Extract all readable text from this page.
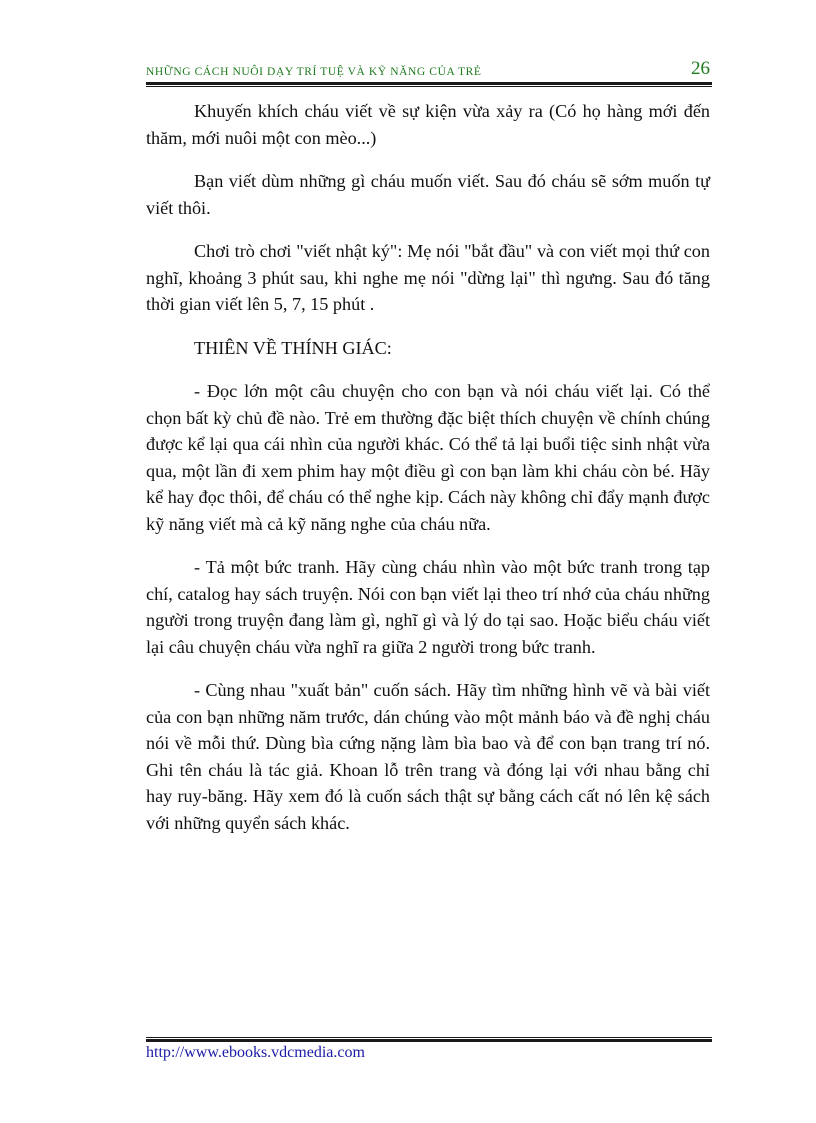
NHỮNG CÁCH NUÔI DẠY TRÍ TUỆ VÀ KỸ NĂNG CỦA TRẺ	26

Khuyến khích cháu viết về sự kiện vừa xảy ra (Có họ hàng mới đến thăm, mới nuôi một con mèo...)

Bạn viết dùm những gì cháu muốn viết. Sau đó cháu sẽ sớm muốn tự viết thôi.

Chơi trò chơi "viết nhật ký": Mẹ nói "bắt đầu" và con viết mọi thứ con nghĩ, khoảng 3 phút sau, khi nghe mẹ nói "dừng lại" thì ngưng. Sau đó tăng thời gian viết lên 5, 7, 15 phút .

THIÊN VỀ THÍNH GIÁC:

- Đọc lớn một câu chuyện cho con bạn và nói cháu viết lại. Có thể chọn bất kỳ chủ đề nào. Trẻ em thường đặc biệt thích chuyện về chính chúng được kể lại qua cái nhìn của người khác. Có thể tả lại buổi tiệc sinh nhật vừa qua, một lần đi xem phim hay một điều gì con bạn làm khi cháu còn bé. Hãy kể hay đọc thôi, để cháu có thể nghe kịp. Cách này không chỉ đẩy mạnh được kỹ năng viết mà cả kỹ năng nghe của cháu nữa.

- Tả một bức tranh. Hãy cùng cháu nhìn vào một bức tranh trong tạp chí, catalog hay sách truyện. Nói con bạn viết lại theo trí nhớ của cháu những người trong truyện đang làm gì, nghĩ gì và lý do tại sao. Hoặc biểu cháu viết lại câu chuyện cháu vừa nghĩ ra giữa 2 người trong bức tranh.

- Cùng nhau "xuất bản" cuốn sách. Hãy tìm những hình vẽ và bài viết của con bạn những năm trước, dán chúng vào một mảnh báo và đề nghị cháu nói về mỗi thứ. Dùng bìa cứng nặng làm bìa bao và để con bạn trang trí nó. Ghi tên cháu là tác giả. Khoan lỗ trên trang và đóng lại với nhau bằng chỉ hay ruy-băng. Hãy xem đó là cuốn sách thật sự bằng cách cất nó lên kệ sách với những quyển sách khác.

http://www.ebooks.vdcmedia.com
